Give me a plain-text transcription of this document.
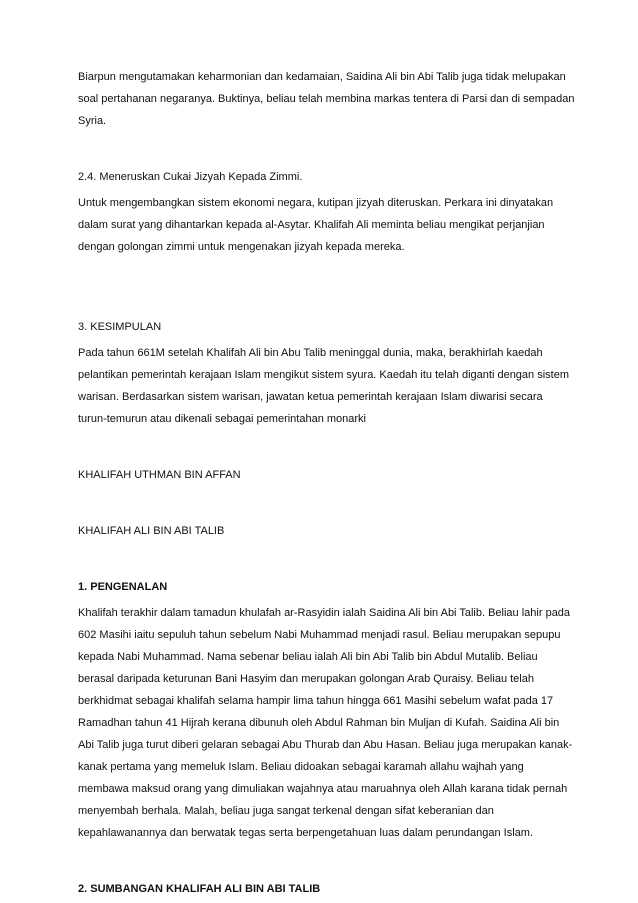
Biarpun mengutamakan keharmonian dan kedamaian, Saidina Ali bin Abi Talib juga tidak melupakan

soal pertahanan negaranya. Buktinya, beliau telah membina markas tentera di Parsi dan di sempadan

Syria.

2.4. Meneruskan Cukai Jizyah Kepada Zimmi.

Untuk mengembangkan sistem ekonomi negara, kutipan jizyah diteruskan. Perkara ini dinyatakan

dalam surat yang dihantarkan kepada al-Asytar. Khalifah Ali meminta beliau mengikat perjanjian

dengan golongan zimmi untuk mengenakan jizyah kepada mereka.

3. KESIMPULAN

Pada tahun 661M setelah Khalifah Ali bin Abu Talib meninggal dunia, maka, berakhirlah kaedah

pelantikan pemerintah kerajaan Islam mengikut sistem syura. Kaedah itu telah diganti dengan sistem

warisan. Berdasarkan sistem warisan, jawatan ketua pemerintah kerajaan Islam diwarisi secara

turun-temurun atau dikenali sebagai pemerintahan monarki

KHALIFAH UTHMAN BIN AFFAN

KHALIFAH ALI BIN ABI TALIB

1. PENGENALAN

Khalifah terakhir dalam tamadun khulafah ar-Rasyidin ialah Saidina Ali bin Abi Talib. Beliau lahir pada

602 Masihi iaitu sepuluh tahun sebelum Nabi Muhammad menjadi rasul. Beliau merupakan sepupu

kepada Nabi Muhammad. Nama sebenar beliau ialah Ali bin Abi Talib bin Abdul Mutalib. Beliau

berasal daripada keturunan Bani Hasyim dan merupakan golongan Arab Quraisy. Beliau telah

berkhidmat sebagai khalifah selama hampir lima tahun hingga 661 Masihi sebelum wafat pada 17

Ramadhan tahun 41 Hijrah kerana dibunuh oleh Abdul Rahman bin Muljan di Kufah. Saidina Ali bin

Abi Talib juga turut diberi gelaran sebagai Abu Thurab dan Abu Hasan. Beliau juga merupakan kanak-

kanak pertama yang memeluk Islam. Beliau didoakan sebagai karamah allahu wajhah yang

membawa maksud orang yang dimuliakan wajahnya atau maruahnya oleh Allah karana tidak pernah

menyembah berhala. Malah, beliau juga sangat terkenal dengan sifat keberanian dan

kepahlawanannya dan berwatak tegas serta berpengetahuan luas dalam perundangan Islam.

2. SUMBANGAN KHALIFAH ALI BIN ABI TALIB
